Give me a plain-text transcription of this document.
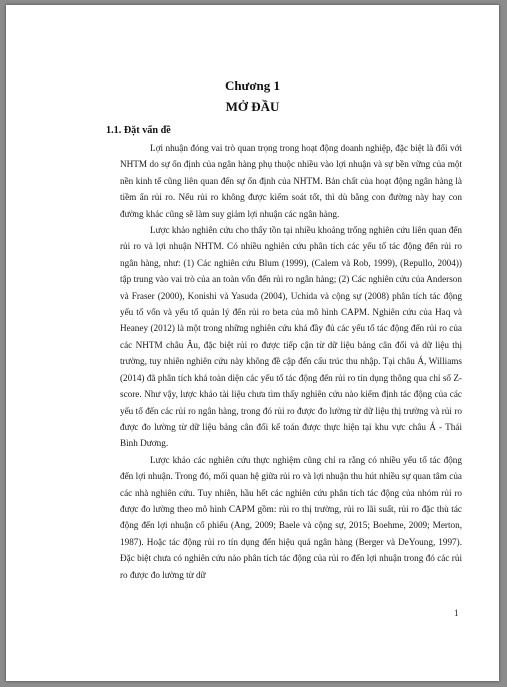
Chương 1
MỞ ĐẦU
1.1. Đặt vấn đề

Lợi nhuận đóng vai trò quan trọng trong hoạt động doanh nghiệp, đặc biệt là đối với NHTM do sự ổn định của ngân hàng phụ thuộc nhiều vào lợi nhuận và sự bền vững của một nền kinh tế cũng liên quan đến sự ổn định của NHTM. Bản chất của hoạt động ngân hàng là tiềm ẩn rủi ro. Nếu rủi ro không được kiểm soát tốt, thì dù bằng con đường này hay con đường khác cũng sẽ làm suy giảm lợi nhuận các ngân hàng.

Lược khảo nghiên cứu cho thấy tồn tại nhiều khoảng trống nghiên cứu liên quan đến rủi ro và lợi nhuận NHTM. Có nhiều nghiên cứu phân tích các yếu tố tác động đến rủi ro ngân hàng, như: (1) Các nghiên cứu Blum (1999), (Calem và Rob, 1999), (Repullo, 2004)) tập trung vào vai trò của an toàn vốn đến rủi ro ngân hàng; (2) Các nghiên cứu của Anderson và Fraser (2000), Konishi và Yasuda (2004), Uchida và cộng sự (2008) phân tích tác động yếu tố vốn và yếu tố quản lý đến rủi ro beta của mô hình CAPM. Nghiên cứu của Haq và Heaney (2012) là một trong những nghiên cứu khá đầy đủ các yếu tố tác động đến rủi ro của các NHTM châu Âu, đặc biệt rủi ro được tiếp cận từ dữ liệu bảng cân đối và dữ liệu thị trường, tuy nhiên nghiên cứu này không đề cập đến cấu trúc thu nhập. Tại châu Á, Williams (2014) đã phân tích khá toàn diện các yếu tố tác động đến rủi ro tín dụng thông qua chỉ số Z-score. Như vậy, lược khảo tài liệu chưa tìm thấy nghiên cứu nào kiểm định tác động của các yếu tố đến các rủi ro ngân hàng, trong đó rủi ro được đo lường từ dữ liệu thị trường và rủi ro được đo lường từ dữ liệu bảng cân đối kế toán được thực hiện tại khu vực châu Á - Thái Bình Dương.

Lược khảo các nghiên cứu thực nghiệm cũng chỉ ra rằng có nhiều yếu tố tác động đến lợi nhuận. Trong đó, mối quan hệ giữa rủi ro và lợi nhuận thu hút nhiều sự quan tâm của các nhà nghiên cứu. Tuy nhiên, hầu hết các nghiên cứu phân tích tác động của nhóm rủi ro được đo lường theo mô hình CAPM gồm: rủi ro thị trường, rủi ro lãi suất, rủi ro đặc thù tác động đến lợi nhuận cổ phiếu (Ang, 2009; Baele và cộng sự, 2015; Boehme, 2009; Merton, 1987). Hoặc tác động rủi ro tín dụng đến hiệu quả ngân hàng (Berger và DeYoung, 1997). Đặc biệt chưa có nghiên cứu nào phân tích tác động của rủi ro đến lợi nhuận trong đó các rủi ro được đo lường từ dữ

1
